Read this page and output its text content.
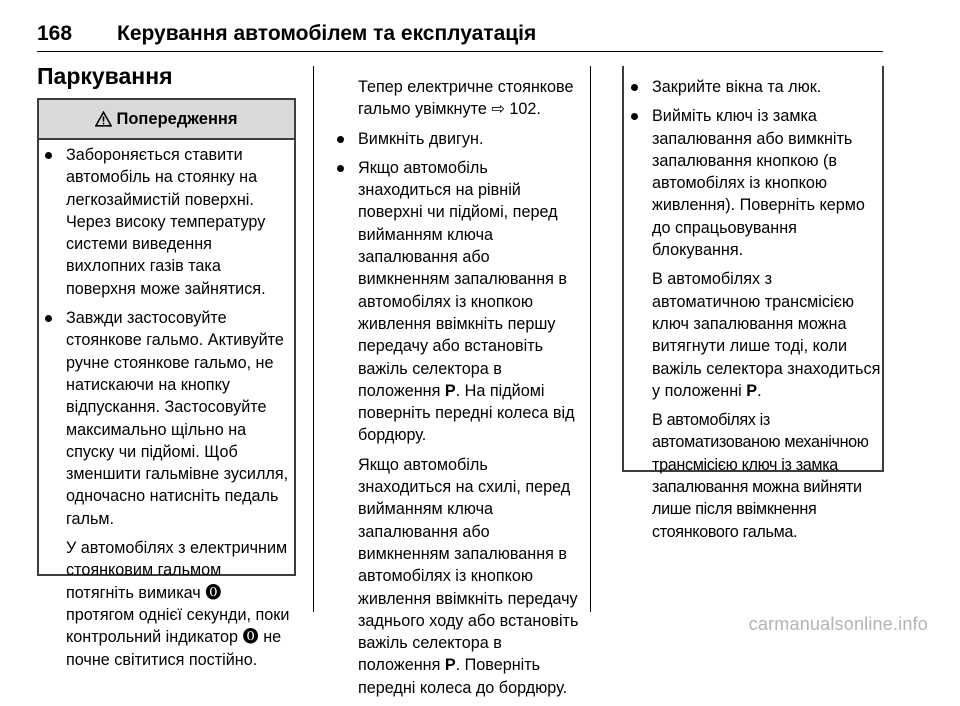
168 Керування автомобілем та експлуатація
Паркування
Попередження
Забороняється ставити автомобіль на стоянку на легкозаймистій поверхні. Через високу температуру системи виведення вихлопних газів така поверхня може зайнятися.
Завжди застосовуйте стоянкове гальмо. Активуйте ручне стоянкове гальмо, не натискаючи на кнопку відпускання. Застосовуйте максимально щільно на спуску чи підйомі. Щоб зменшити гальмівне зусилля, одночасно натисніть педаль гальм.
У автомобілях з електричним стоянковим гальмом потягніть вимикач ⓿ протягом однієї секунди, поки контрольний індикатор ⓿ не почне світитися постійно.
Тепер електричне стоянкове гальмо увімкнуте ⇨ 102.
Вимкніть двигун.
Якщо автомобіль знаходиться на рівній поверхні чи підйомі, перед вийманням ключа запалювання або вимкненням запалювання в автомобілях із кнопкою живлення ввімкніть першу передачу або встановіть важіль селектора в положення P. На підйомі поверніть передні колеса від бордюру.
Якщо автомобіль знаходиться на схилі, перед вийманням ключа запалювання або вимкненням запалювання в автомобілях із кнопкою живлення ввімкніть передачу заднього ходу або встановіть важіль селектора в положення P. Поверніть передні колеса до бордюру.
Закрийте вікна та люк.
Вийміть ключ із замка запалювання або вимкніть запалювання кнопкою (в автомобілях із кнопкою живлення). Поверніть кермо до спрацьовування блокування.
В автомобілях з автоматичною трансмісією ключ запалювання можна витягнути лише тоді, коли важіль селектора знаходиться у положенні P.
В автомобілях із автоматизованою механічною трансмісією ключ із замка запалювання можна вийняти лише після ввімкнення стоянкового гальма.
carmanualsonline.info
